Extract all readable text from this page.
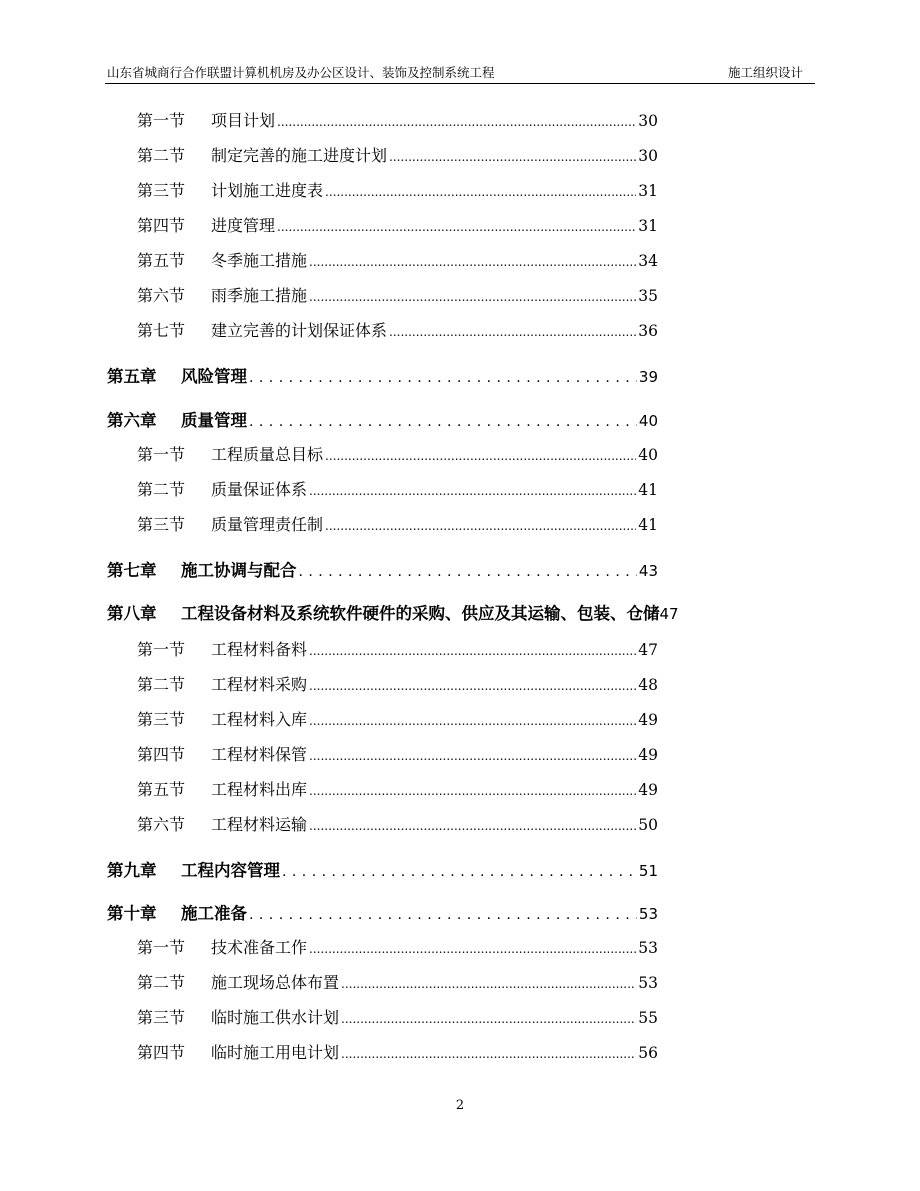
山东省城商行合作联盟计算机机房及办公区设计、装饰及控制系统工程	施工组织设计
第一节	项目计划 .....	30
第二节	制定完善的施工进度计划 .....	30
第三节	计划施工进度表 .....	31
第四节	进度管理 .....	31
第五节	冬季施工措施 .....	34
第六节	雨季施工措施 .....	35
第七节	建立完善的计划保证体系 .....	36
第五章	风险管理 . . .	39
第六章	质量管理 . . .	40
第一节	工程质量总目标 .....	40
第二节	质量保证体系 .....	41
第三节	质量管理责任制 .....	41
第七章	施工协调与配合 . . .	43
第八章	工程设备材料及系统软件硬件的采购、供应及其运输、包装、仓储 47
第一节	工程材料备料 .....	47
第二节	工程材料采购 .....	48
第三节	工程材料入库 .....	49
第四节	工程材料保管 .....	49
第五节	工程材料出库 .....	49
第六节	工程材料运输 .....	50
第九章	工程内容管理 . . .	51
第十章	施工准备 . . .	53
第一节	技术准备工作 .....	53
第二节	施工现场总体布置 .....	53
第三节	临时施工供水计划 .....	55
第四节	临时施工用电计划 .....	56
2
